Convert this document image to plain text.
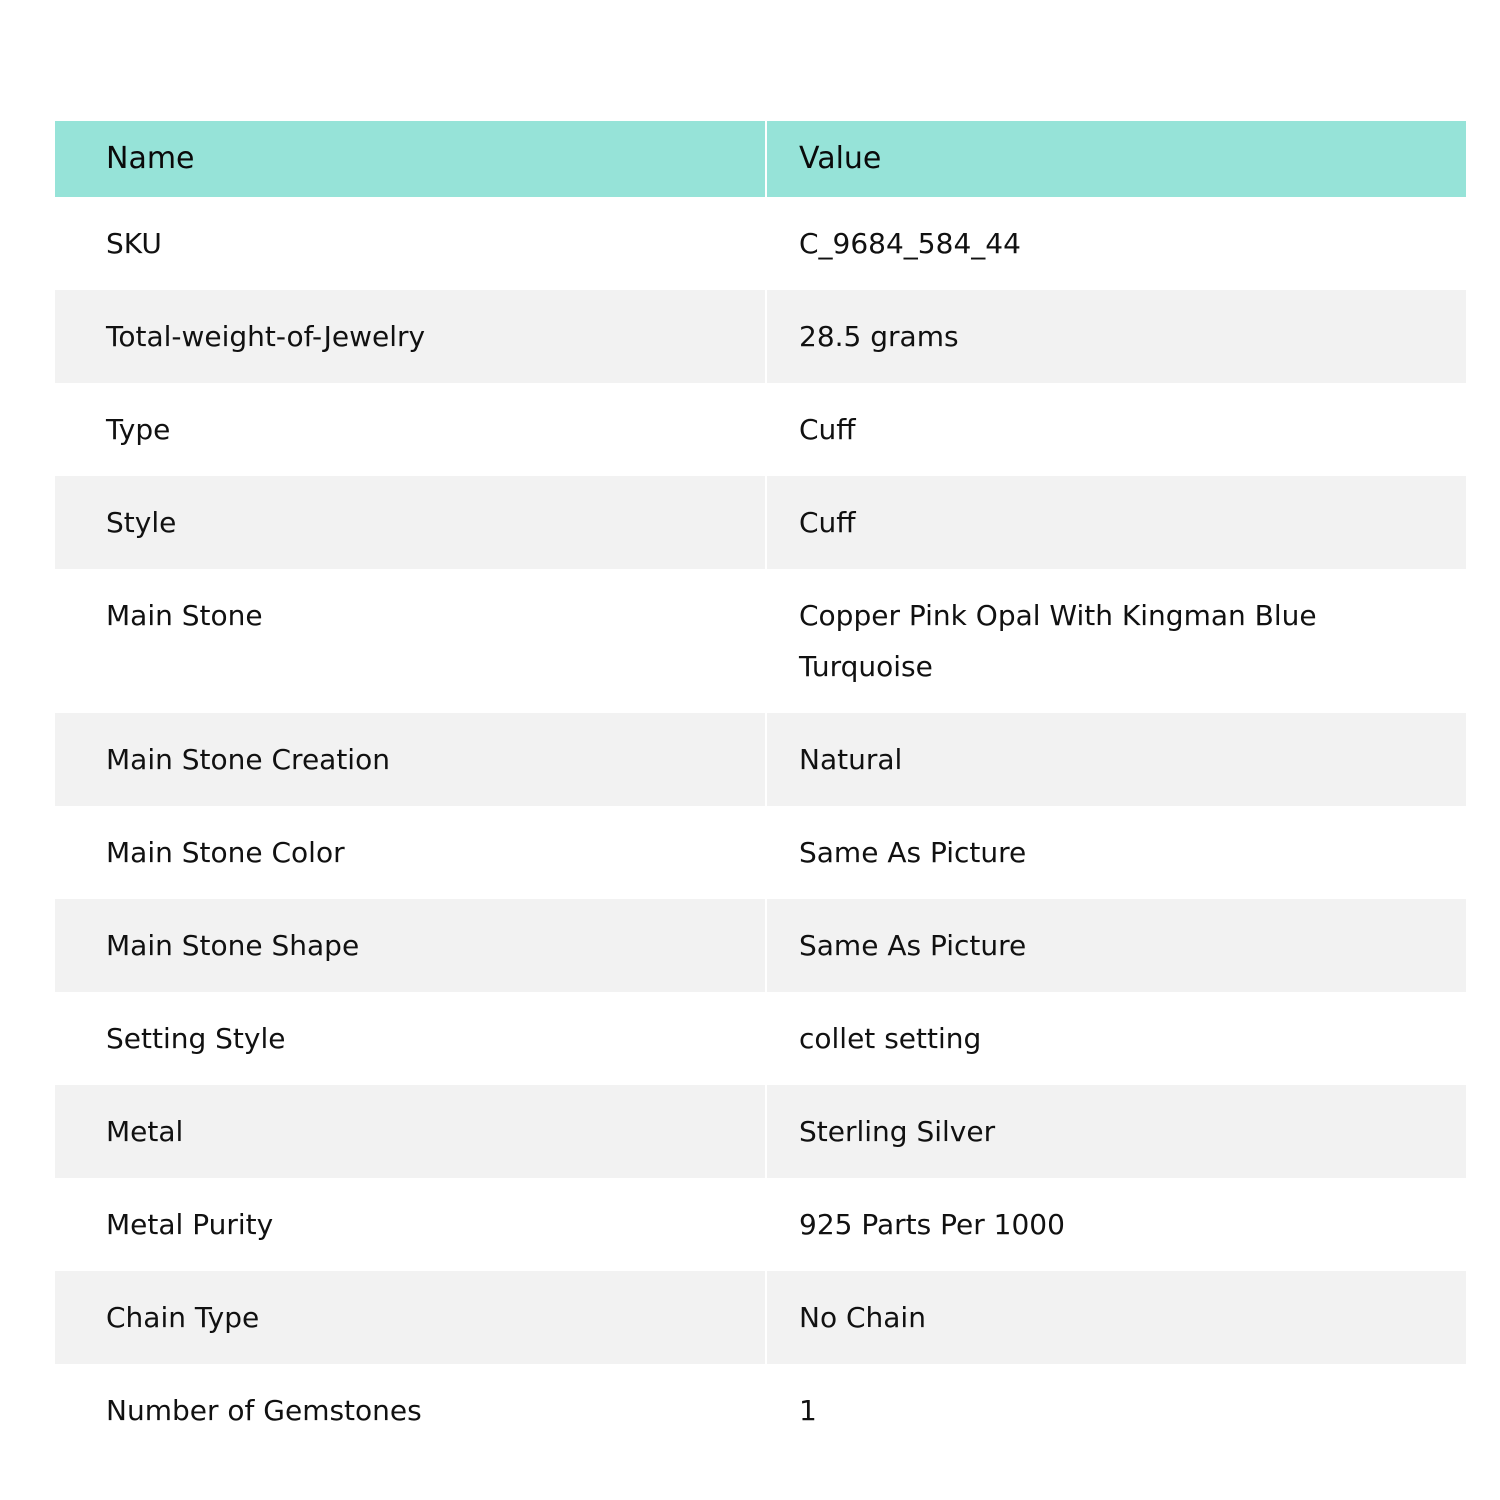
Name	Value
SKU	C_9684_584_44
Total-weight-of-Jewelry	28.5 grams
Type	Cuff
Style	Cuff
Main Stone	Copper Pink Opal With Kingman Blue Turquoise
Main Stone Creation	Natural
Main Stone Color	Same As Picture
Main Stone Shape	Same As Picture
Setting Style	collet setting
Metal	Sterling Silver
Metal Purity	925 Parts Per 1000
Chain Type	No Chain
Number of Gemstones	1
